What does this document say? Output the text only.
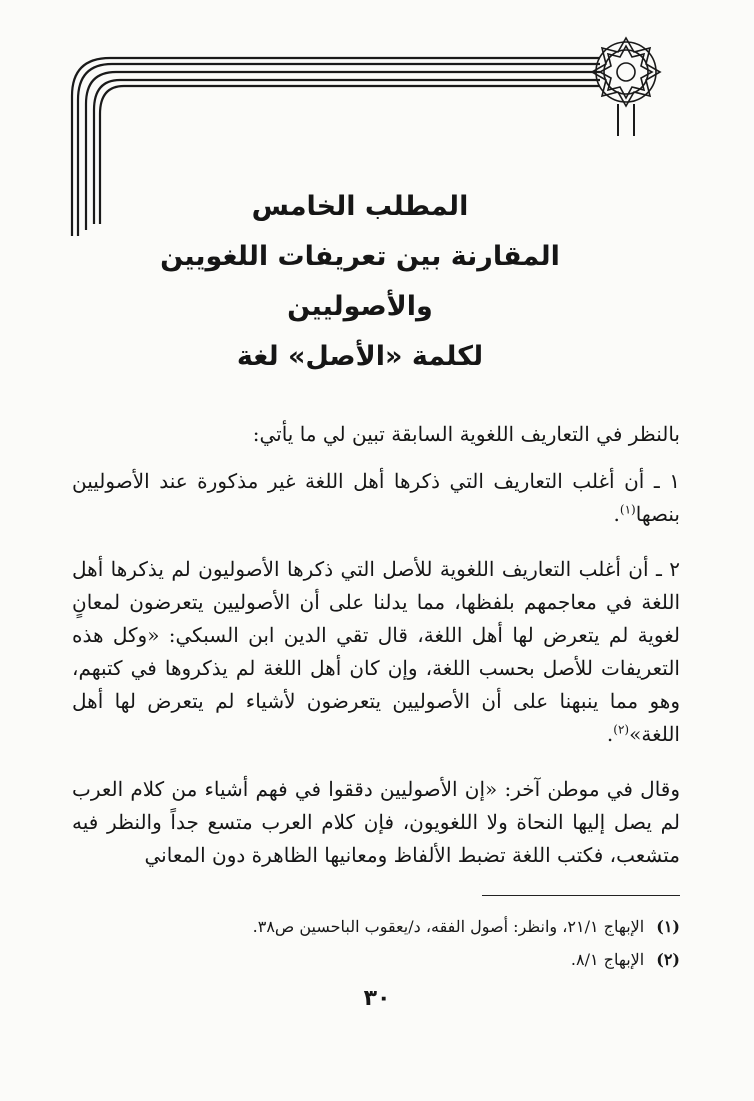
المطلب الخامس
المقارنة بين تعريفات اللغويين والأصوليين
لكلمة «الأصل» لغة

بالنظر في التعاريف اللغوية السابقة تبين لي ما يأتي:

١ ـ أن أغلب التعاريف التي ذكرها أهل اللغة غير مذكورة عند الأصوليين بنصها$^{(١)}$.

٢ ـ أن أغلب التعاريف اللغوية للأصل التي ذكرها الأصوليون لم يذكرها أهل اللغة في معاجمهم بلفظها، مما يدلنا على أن الأصوليين يتعرضون لمعانٍ لغوية لم يتعرض لها أهل اللغة، قال تقي الدين ابن السبكي: «وكل هذه التعريفات للأصل بحسب اللغة، وإن كان أهل اللغة لم يذكروها في كتبهم، وهو مما ينبهنا على أن الأصوليين يتعرضون لأشياء لم يتعرض لها أهل اللغة»$^{(٢)}$.

وقال في موطن آخر: «إن الأصوليين دققوا في فهم أشياء من كلام العرب لم يصل إليها النحاة ولا اللغويون، فإن كلام العرب متسع جداً والنظر فيه متشعب، فكتب اللغة تضبط الألفاظ ومعانيها الظاهرة دون المعاني

(١)الإبهاج ٢١/١، وانظر: أصول الفقه، د/يعقوب الباحسين ص٣٨.

(٢)الإبهاج ٨/١.

٣٠
